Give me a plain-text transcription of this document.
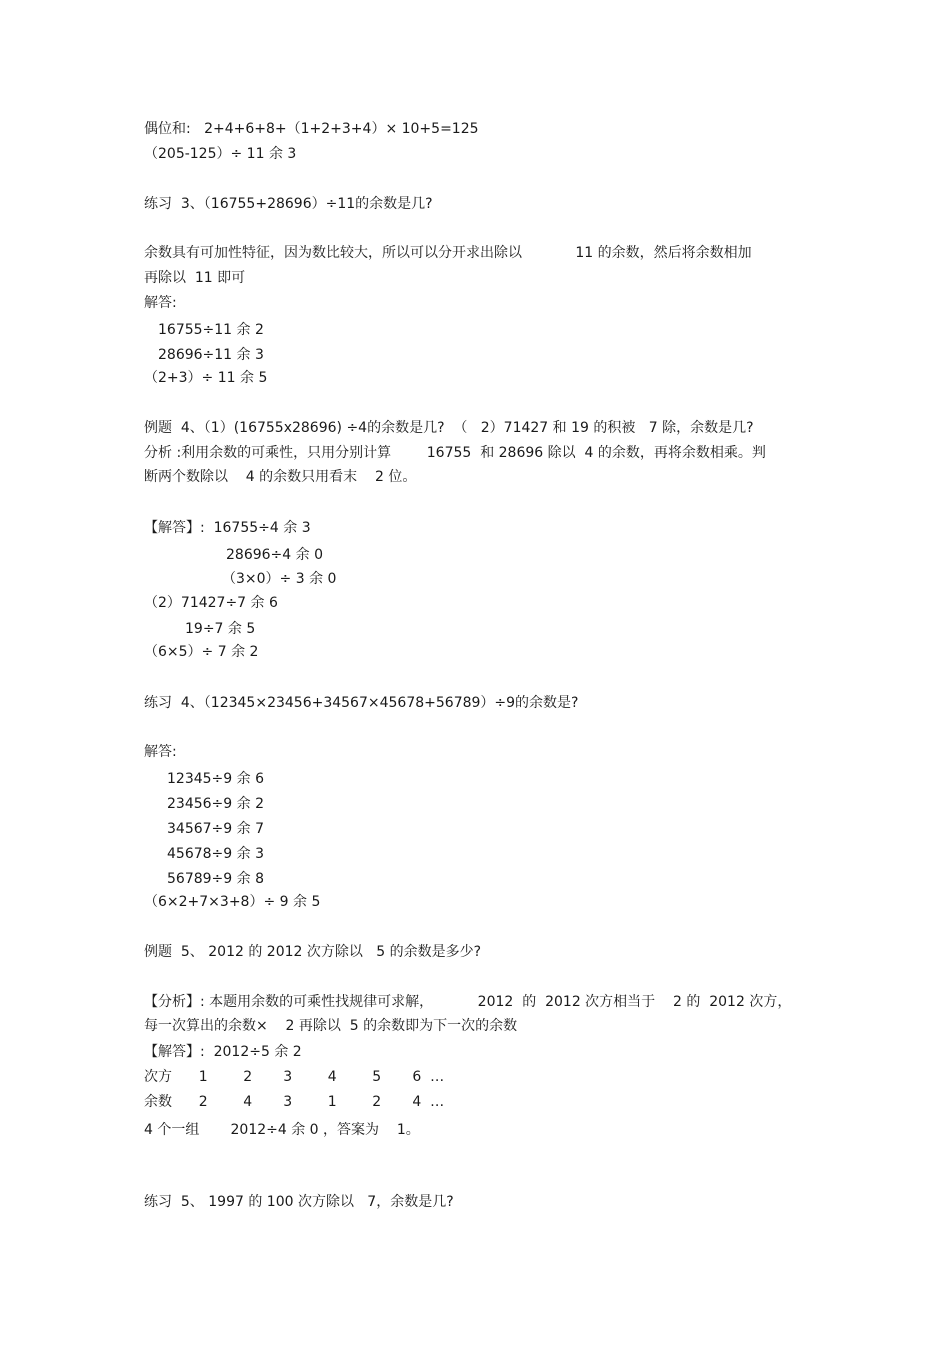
偶位和:   2+4+6+8+（1+2+3+4）× 10+5=125
（205-125）÷ 11 余 3
练习  3、（16755+28696）÷11的余数是几?
余数具有可加性特征，因为数比较大，所以可以分开求出除以            11 的余数，然后将余数相加
再除以  11 即可
解答:
16755÷11 余 2
28696÷11 余 3
（2+3）÷ 11 余 5
例题  4、（1）(16755x28696) ÷4的余数是几?  （   2）71427 和 19 的积被   7 除，余数是几?
分析 :利用余数的可乘性，只用分别计算        16755  和 28696 除以  4 的余数，再将余数相乘。判
断两个数除以    4 的余数只用看末    2 位。
【解答】:  16755÷4 余 3
28696÷4 余 0
（3×0）÷ 3 余 0
（2）71427÷7 余 6
19÷7 余 5
（6×5）÷ 7 余 2
练习  4、（12345×23456+34567×45678+56789）÷9的余数是?
解答:
12345÷9 余 6
23456÷9 余 2
34567÷9 余 7
45678÷9 余 3
56789÷9 余 8
（6×2+7×3+8）÷ 9 余 5
例题  5、 2012 的 2012 次方除以   5 的余数是多少?
【分析】: 本题用余数的可乘性找规律可求解，          2012  的  2012 次方相当于    2 的  2012 次方，
每一次算出的余数×    2 再除以  5 的余数即为下一次的余数
【解答】:  2012÷5 余 2
次方      1        2       3        4        5       6  …
余数      2        4       3        1        2       4  …
4 个一组       2012÷4 余 0 ，答案为    1。
练习  5、 1997 的 100 次方除以   7，余数是几?
